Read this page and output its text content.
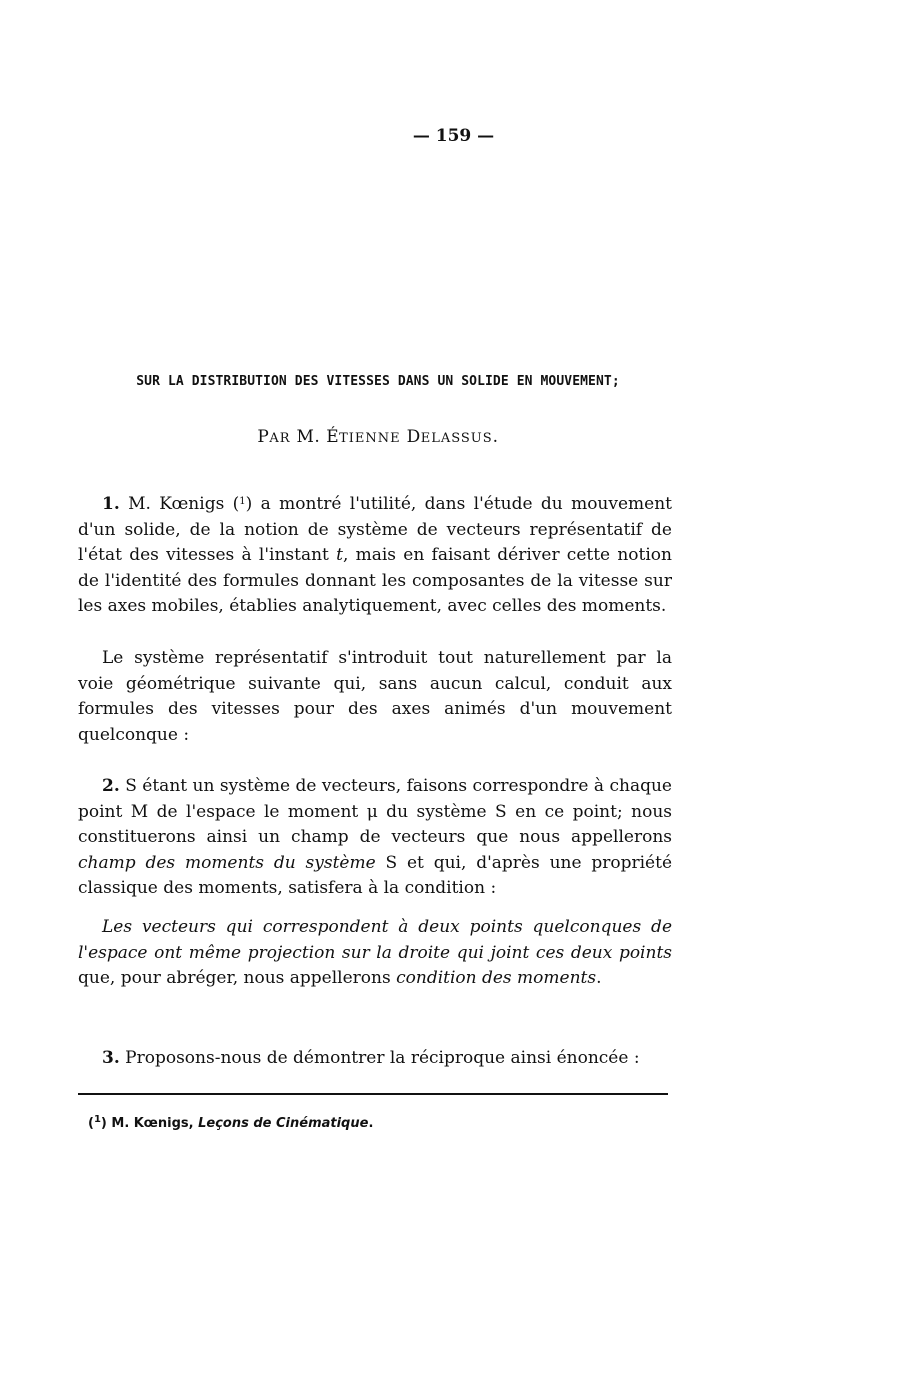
— 159 —
SUR LA DISTRIBUTION DES VITESSES DANS UN SOLIDE EN MOUVEMENT;
PAR M. ÉTIENNE DELASSUS.

1. M. Kœnigs ($^1$) a montré l'utilité, dans l'étude du mouvement d'un solide, de la notion de système de vecteurs représentatif de l'état des vitesses à l'instant t, mais en faisant dériver cette notion de l'identité des formules donnant les composantes de la vitesse sur les axes mobiles, établies analytiquement, avec celles des moments.

Le système représentatif s'introduit tout naturellement par la voie géométrique suivante qui, sans aucun calcul, conduit aux formules des vitesses pour des axes animés d'un mouvement quelconque :

2. S étant un système de vecteurs, faisons correspondre à chaque point M de l'espace le moment μ du système S en ce point; nous constituerons ainsi un champ de vecteurs que nous appellerons champ des moments du système S et qui, d'après une propriété classique des moments, satisfera à la condition :

Les vecteurs qui correspondent à deux points quelconques de l'espace ont même projection sur la droite qui joint ces deux points que, pour abréger, nous appellerons condition des moments.

3. Proposons-nous de démontrer la réciproque ainsi énoncée :

($^1$) M. Kœnigs, Leçons de Cinématique.
